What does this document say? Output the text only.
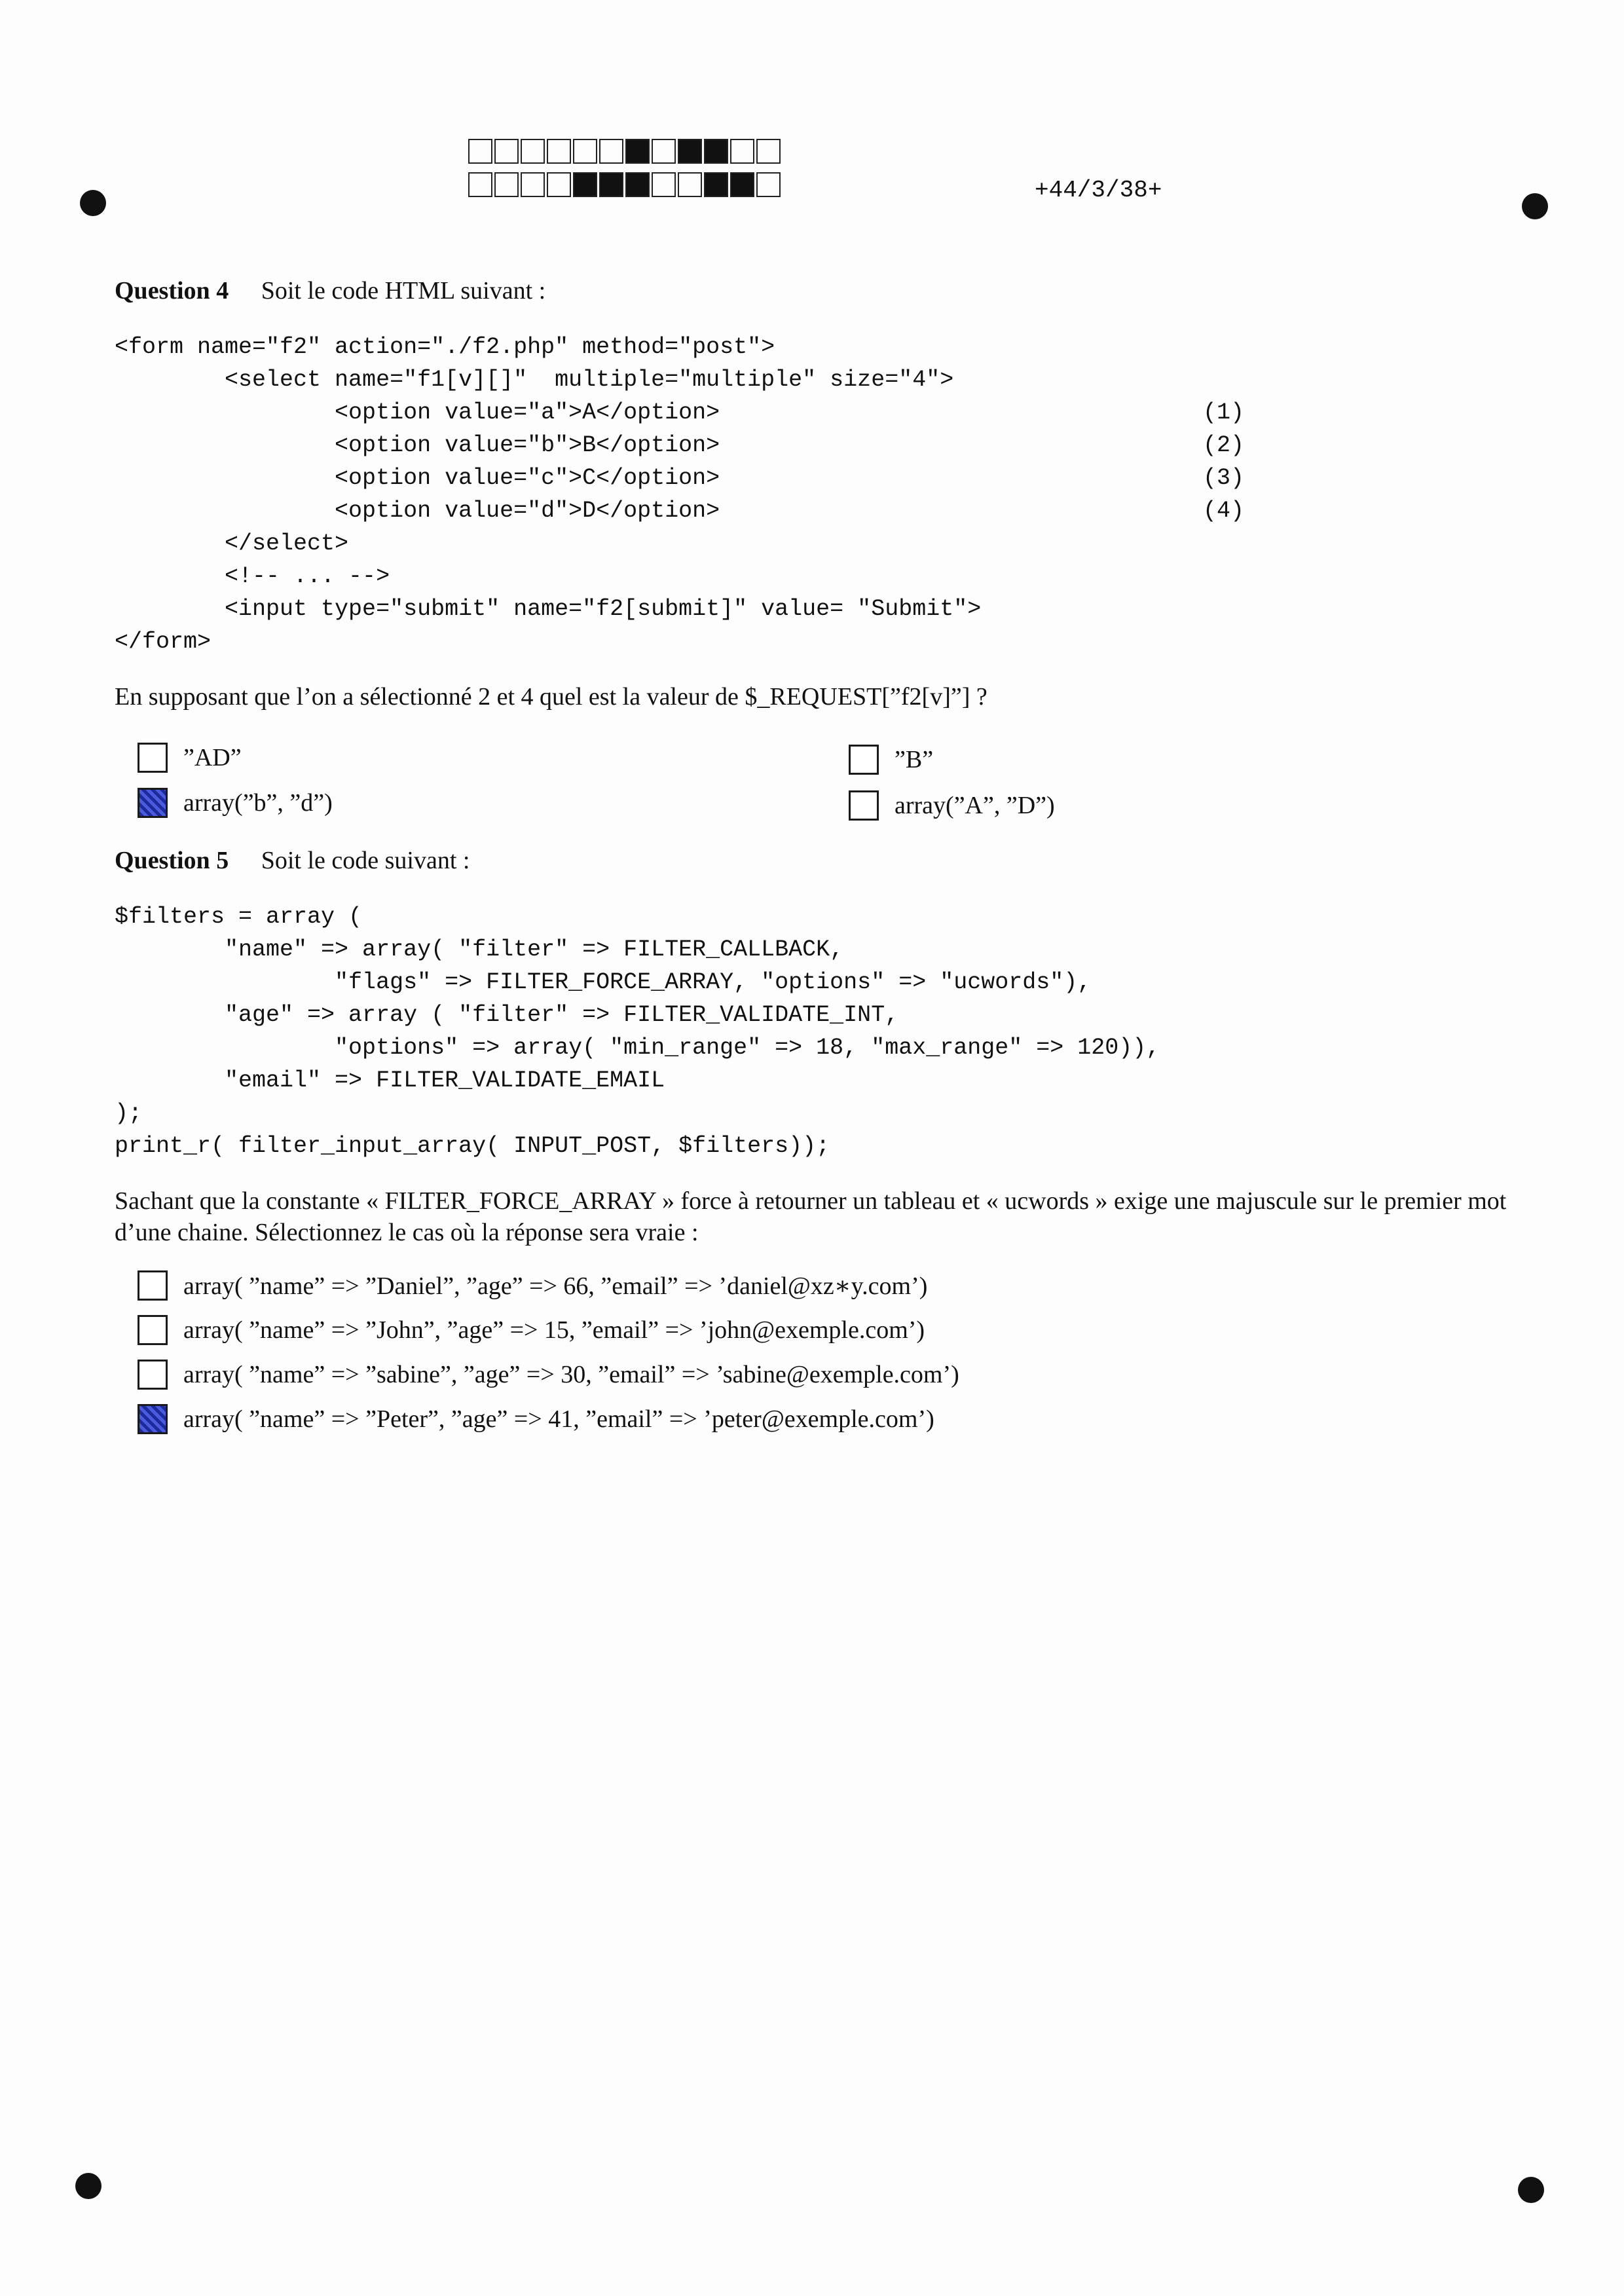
+44/3/38+
Question 4 Soit le code HTML suivant :
<form name="f2" action="./f2.php" method="post">
<select name="f1[v][]"  multiple="multiple" size="4">
<option value="a">A</option>
<option value="b">B</option>
<option value="c">C</option>
<option value="d">D</option>
</select>
<!-- ... -->
<input type="submit" name="f2[submit]" value= "Submit">
</form>

(1)

(2)

(3)

(4)

En supposant que l’on a sélectionné 2 et 4 quel est la valeur de $_REQUEST[”f2[v]”] ?

”AD”	”B”
array(”b”, ”d”)	array(”A”, ”D”)
Question 5 Soit le code suivant :
$filters = array (
"name" => array( "filter" => FILTER_CALLBACK,
"flags" => FILTER_FORCE_ARRAY, "options" => "ucwords"),
"age" => array ( "filter" => FILTER_VALIDATE_INT,
"options" => array( "min_range" => 18, "max_range" => 120)),
"email" => FILTER_VALIDATE_EMAIL
);
print_r( filter_input_array( INPUT_POST, $filters));

Sachant que la constante « FILTER_FORCE_ARRAY » force à retourner un tableau et « ucwords » exige une majuscule sur le premier mot d’une chaine. Sélectionnez le cas où la réponse sera vraie :

array( ”name” => ”Daniel”, ”age” => 66, ”email” => ’daniel@xz∗y.com’)
array( ”name” => ”John”, ”age” => 15, ”email” => ’john@exemple.com’)
array( ”name” => ”sabine”, ”age” => 30, ”email” => ’sabine@exemple.com’)
array( ”name” => ”Peter”, ”age” => 41, ”email” => ’peter@exemple.com’)
